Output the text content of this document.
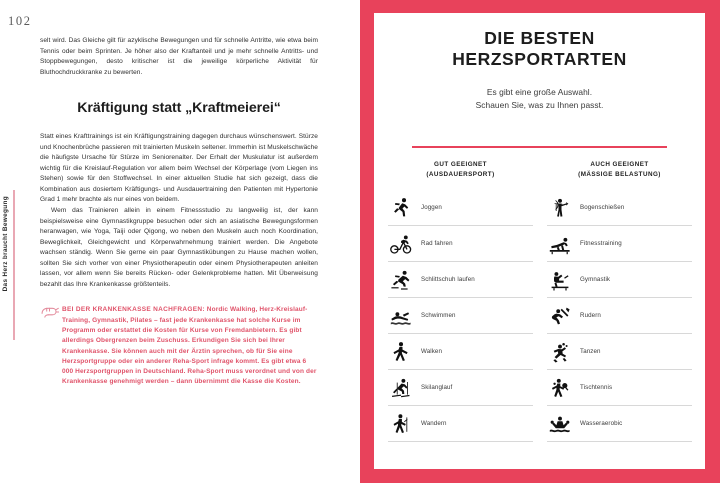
102
Das Herz braucht Bewegung

selt wird. Das Gleiche gilt für azyklische Bewegungen und für schnelle Antritte, wie etwa beim Tennis oder beim Sprinten. Je höher also der Kraftanteil und je mehr schnelle Antritts- und Stoppbewegungen, desto kritischer ist die jeweilige körperliche Aktivität für Bluthochdruckkranke zu bewerten.

Kräftigung statt „Kraftmeierei“

Statt eines Krafttrainings ist ein Kräftigungstraining dagegen durchaus wünschenswert. Stürze und Knochenbrüche passieren mit trainierten Muskeln seltener. Immerhin ist Muskelschwäche die häufigste Ursache für Stürze im Seniorenalter. Der Erhalt der Muskulatur ist außerdem wichtig für die Kreislauf-Regulation vor allem beim Wechsel der Körperlage (vom Liegen ins Stehen) sowie für den Stoffwechsel. In einer aktuellen Studie hat sich gezeigt, dass die Kombination aus dosiertem Kräftigungs- und Ausdauertraining den Patienten mit Hypertonie Grad 1 mehr brachte als nur eines von beidem.

Wem das Trainieren allein in einem Fitnessstudio zu langweilig ist, der kann beispielsweise eine Gymnastikgruppe besuchen oder sich an asiatische Bewegungsformen heranwagen, wie Yoga, Taiji oder Qigong, wo neben den Muskeln auch noch Koordination, Beweglichkeit, Gleichgewicht und Körperwahrnehmung trainiert werden. Die Angebote wachsen ständig. Wenn Sie gerne ein paar Gymnastikübungen zu Hause machen wollen, sollten Sie sich vorher von einer Physiotherapeutin oder einem Physiotherapeuten anleiten lassen, vor allem wenn Sie bereits Rücken- oder Gelenkprobleme hatten. Mit Überweisung bezahlt das Ihre Krankenkasse größtenteils.

BEI DER KRANKENKASSE NACHFRAGEN: Nordic Walking, Herz-Kreislauf-Training, Gymnastik, Pilates – fast jede Krankenkasse hat solche Kurse im Programm oder erstattet die Kosten für Kurse von Fremdanbietern. Es gibt allerdings Obergrenzen beim Zuschuss. Erkundigen Sie sich bei Ihrer Krankenkasse. Sie können auch mit der Ärztin sprechen, ob für Sie eine Herzsportgruppe oder ein anderer Reha-Sport infrage kommt. Es gibt etwa 6 000 Herzsportgruppen in Deutschland. Reha-Sport muss verordnet und von der Krankenkasse genehmigt werden – dann übernimmt die Kasse die Kosten.

DIE BESTEN
HERZSPORTARTEN
Es gibt eine große Auswahl.
Schauen Sie, was zu Ihnen passt.
GUT GEEIGNET
(AUSDAUERSPORT)
Joggen
Rad fahren
Schlittschuh laufen
Schwimmen
Walken
Skilanglauf
Wandern
AUCH GEEIGNET
(MÄSSIGE BELASTUNG)
Bogenschießen
Fitnesstraining
Gymnastik
Rudern
Tanzen
Tischtennis
Wasseraerobic
